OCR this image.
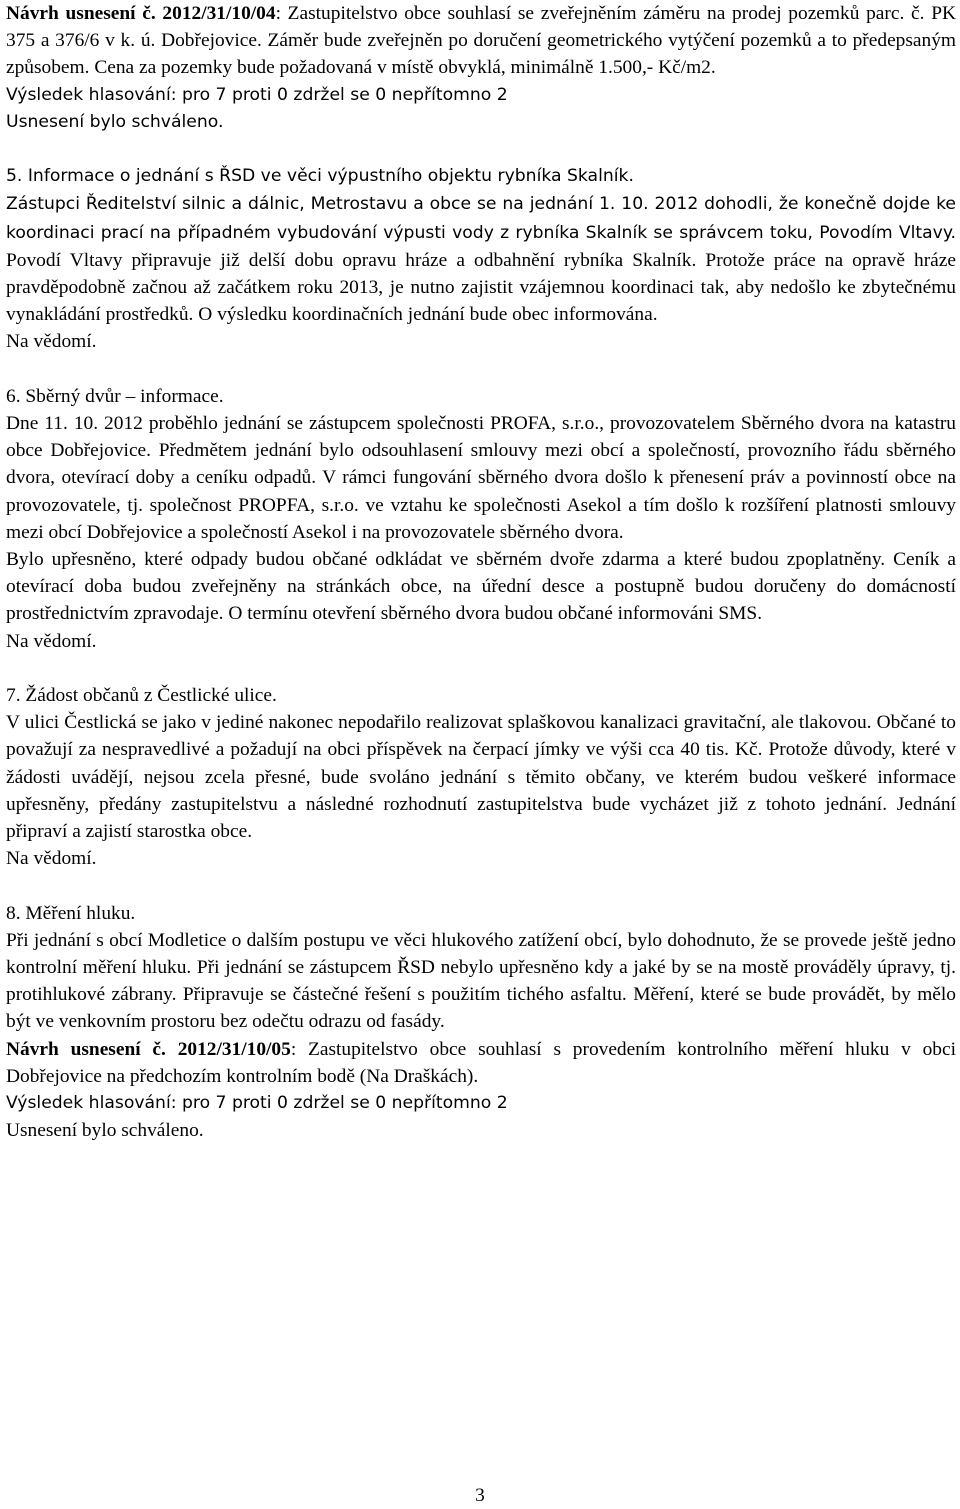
Návrh usnesení č. 2012/31/10/04: Zastupitelstvo obce souhlasí se zveřejněním záměru na prodej pozemků parc. č. PK 375 a 376/6 v k. ú. Dobřejovice. Záměr bude zveřejněn po doručení geometrického vytýčení pozemků a to předepsaným způsobem. Cena za pozemky bude požadovaná v místě obvyklá, minimálně 1.500,- Kč/m2.

Výsledek hlasování: pro 7 proti 0 zdržel se 0 nepřítomno 2

Usnesení bylo schváleno.

5. Informace o jednání s ŘSD ve věci výpustního objektu rybníka Skalník.

Zástupci Ředitelství silnic a dálnic, Metrostavu a obce se na jednání 1. 10. 2012 dohodli, že konečně dojde ke koordinaci prací na případném vybudování výpusti vody z rybníka Skalník se správcem toku, Povodím Vltavy. Povodí Vltavy připravuje již delší dobu opravu hráze a odbahnění rybníka Skalník. Protože práce na opravě hráze pravděpodobně začnou až začátkem roku 2013, je nutno zajistit vzájemnou koordinaci tak, aby nedošlo ke zbytečnému vynakládání prostředků. O výsledku koordinačních jednání bude obec informována.

Na vědomí.

6. Sběrný dvůr – informace.

Dne 11. 10. 2012 proběhlo jednání se zástupcem společnosti PROFA, s.r.o., provozovatelem Sběrného dvora na katastru obce Dobřejovice. Předmětem jednání bylo odsouhlasení smlouvy mezi obcí a společností, provozního řádu sběrného dvora, otevírací doby a ceníku odpadů. V rámci fungování sběrného dvora došlo k přenesení práv a povinností obce na provozovatele, tj. společnost PROPFA, s.r.o. ve vztahu ke společnosti Asekol a tím došlo k rozšíření platnosti smlouvy mezi obcí Dobřejovice a společností Asekol i na provozovatele sběrného dvora.

Bylo upřesněno, které odpady budou občané odkládat ve sběrném dvoře zdarma a které budou zpoplatněny. Ceník a otevírací doba budou zveřejněny na stránkách obce, na úřední desce a postupně budou doručeny do domácností prostřednictvím zpravodaje. O termínu otevření sběrného dvora budou občané informováni SMS.

Na vědomí.

7. Žádost občanů z Čestlické ulice.

V ulici Čestlická se jako v jediné nakonec nepodařilo realizovat splaškovou kanalizaci gravitační, ale tlakovou. Občané to považují za nespravedlivé a požadují na obci příspěvek na čerpací jímky ve výši cca 40 tis. Kč. Protože důvody, které v žádosti uvádějí, nejsou zcela přesné, bude svoláno jednání s těmito občany, ve kterém budou veškeré informace upřesněny, předány zastupitelstvu a následné rozhodnutí zastupitelstva bude vycházet již z tohoto jednání. Jednání připraví a zajistí starostka obce.

Na vědomí.

8. Měření hluku.

Při jednání s obcí Modletice o dalším postupu ve věci hlukového zatížení obcí, bylo dohodnuto, že se provede ještě jedno kontrolní měření hluku. Při jednání se zástupcem ŘSD nebylo upřesněno kdy a jaké by se na mostě prováděly úpravy, tj. protihlukové zábrany. Připravuje se částečné řešení s použitím tichého asfaltu. Měření, které se bude provádět, by mělo být ve venkovním prostoru bez odečtu odrazu od fasády.

Návrh usnesení č. 2012/31/10/05: Zastupitelstvo obce souhlasí s provedením kontrolního měření hluku v obci Dobřejovice na předchozím kontrolním bodě (Na Draškách).

Výsledek hlasování: pro 7 proti 0 zdržel se 0 nepřítomno 2

Usnesení bylo schváleno.

3
